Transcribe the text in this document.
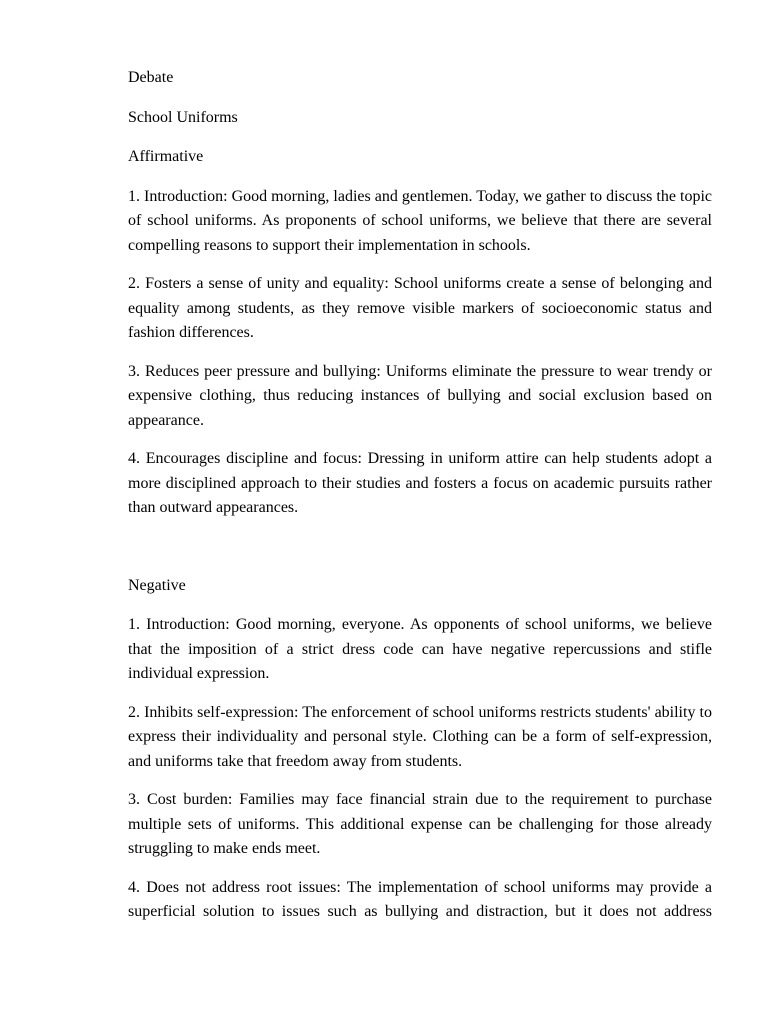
Debate

School Uniforms

Affirmative

1. Introduction: Good morning, ladies and gentlemen. Today, we gather to discuss the topic of school uniforms. As proponents of school uniforms, we believe that there are several compelling reasons to support their implementation in schools.

2. Fosters a sense of unity and equality: School uniforms create a sense of belonging and equality among students, as they remove visible markers of socioeconomic status and fashion differences.

3. Reduces peer pressure and bullying: Uniforms eliminate the pressure to wear trendy or expensive clothing, thus reducing instances of bullying and social exclusion based on appearance.

4. Encourages discipline and focus: Dressing in uniform attire can help students adopt a more disciplined approach to their studies and fosters a focus on academic pursuits rather than outward appearances.

Negative

1. Introduction: Good morning, everyone. As opponents of school uniforms, we believe that the imposition of a strict dress code can have negative repercussions and stifle individual expression.

2. Inhibits self-expression: The enforcement of school uniforms restricts students' ability to express their individuality and personal style. Clothing can be a form of self-expression, and uniforms take that freedom away from students.

3. Cost burden: Families may face financial strain due to the requirement to purchase multiple sets of uniforms. This additional expense can be challenging for those already struggling to make ends meet.

4. Does not address root issues: The implementation of school uniforms may provide a superficial solution to issues such as bullying and distraction, but it does not address
